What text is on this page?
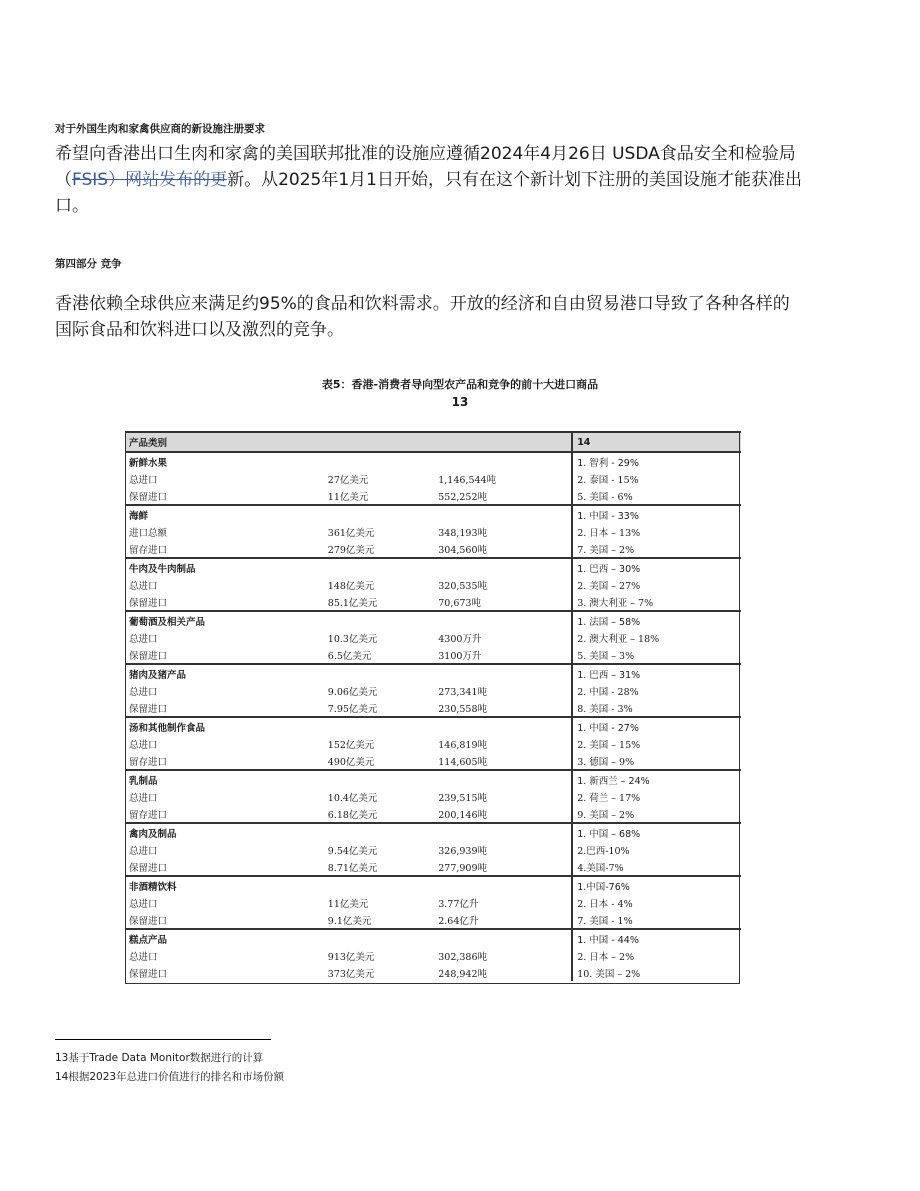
对于外国生肉和家禽供应商的新设施注册要求
希望向香港出口生肉和家禽的美国联邦批准的设施应遵循2024年4月26日 USDA食品安全和检验局（FSIS）网站发布的更新。从2025年1月1日开始，只有在这个新计划下注册的美国设施才能获准出口。
第四部分 竞争
香港依赖全球供应来满足约95%的食品和饮料需求。开放的经济和自由贸易港口导致了各种各样的国际食品和饮料进口以及激烈的竞争。
表5：香港-消费者导向型农产品和竞争的前十大进口商品
13
产品类别			14
新鲜水果			1. 智利 - 29%
总进口	27亿美元	1,146,544吨	2. 泰国 - 15%
保留进口	11亿美元	552,252吨	5. 美国 - 6%
海鲜			1. 中国 - 33%
进口总额	361亿美元	348,193吨	2. 日本 – 13%
留存进口	279亿美元	304,560吨	7. 美国 – 2%
牛肉及牛肉制品			1. 巴西 – 30%
总进口	148亿美元	320,535吨	2. 美国 – 27%
保留进口	85.1亿美元	70,673吨	3. 澳大利亚 – 7%
葡萄酒及相关产品			1. 法国 – 58%
总进口	10.3亿美元	4300万升	2. 澳大利亚 – 18%
保留进口	6.5亿美元	3100万升	5. 美国 – 3%
猪肉及猪产品			1. 巴西 – 31%
总进口	9.06亿美元	273,341吨	2. 中国 - 28%
保留进口	7.95亿美元	230,558吨	8. 美国 - 3%
汤和其他制作食品			1. 中国 - 27%
总进口	152亿美元	146,819吨	2. 美国 – 15%
留存进口	490亿美元	114,605吨	3. 德国 – 9%
乳制品			1. 新西兰 – 24%
总进口	10.4亿美元	239,515吨	2. 荷兰 – 17%
留存进口	6.18亿美元	200,146吨	9. 美国 – 2%
禽肉及制品			1. 中国 – 68%
总进口	9.54亿美元	326,939吨	2.巴西-10%
保留进口	8.71亿美元	277,909吨	4.美国-7%
非酒精饮料			1.中国-76%
总进口	11亿美元	3.77亿升	2. 日本 - 4%
保留进口	9.1亿美元	2.64亿升	7. 美国 - 1%
糕点产品			1. 中国 - 44%
总进口	913亿美元	302,386吨	2. 日本 – 2%
保留进口	373亿美元	248,942吨	10. 美国 – 2%
13基于Trade Data Monitor数据进行的计算
14根据2023年总进口价值进行的排名和市场份额
